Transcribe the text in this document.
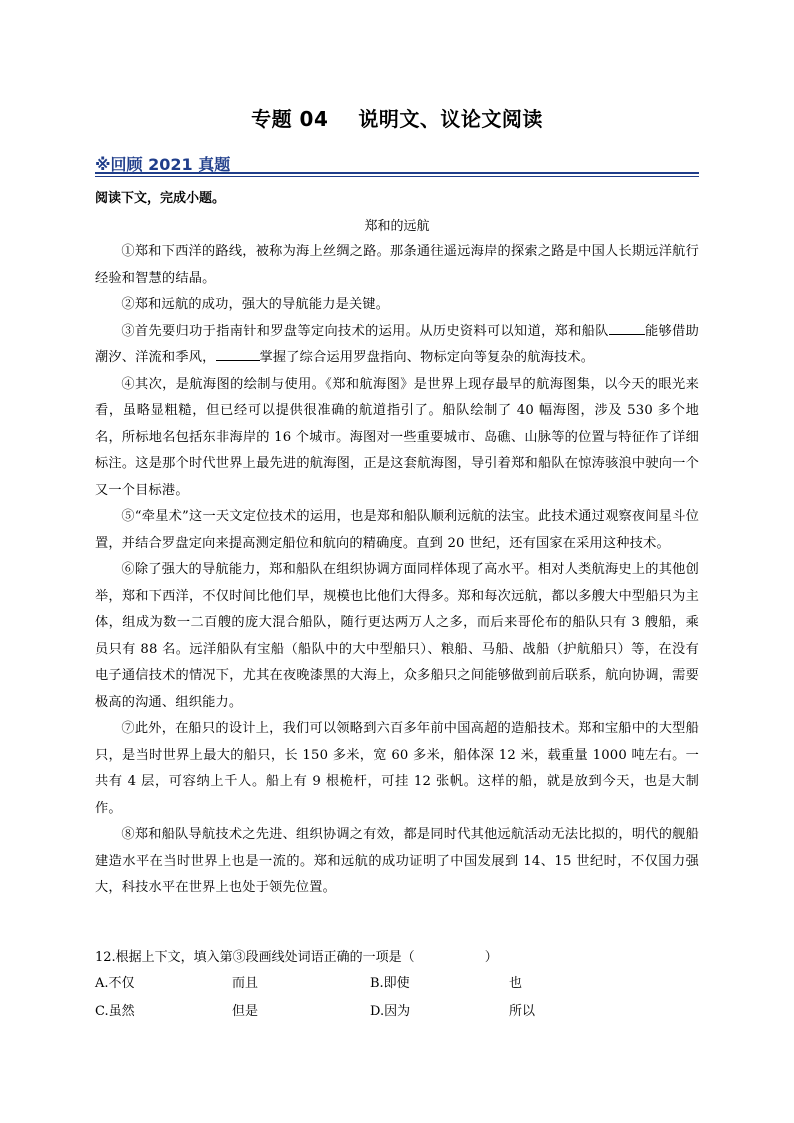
专题 04 说明文、议论文阅读
※回顾 2021 真题
阅读下文，完成小题。
郑和的远航

①郑和下西洋的路线，被称为海上丝绸之路。那条通往遥远海岸的探索之路是中国人长期远洋航行经验和智慧的结晶。

②郑和远航的成功，强大的导航能力是关键。

③首先要归功于指南针和罗盘等定向技术的运用。从历史资料可以知道，郑和船队	能够借助潮汐、洋流和季风，	掌握了综合运用罗盘指向、物标定向等复杂的航海技术。

④其次，是航海图的绘制与使用。《郑和航海图》是世界上现存最早的航海图集，以今天的眼光来看，虽略显粗糙，但已经可以提供很准确的航道指引了。船队绘制了 40 幅海图，涉及 530 多个地名，所标地名包括东非海岸的 16 个城市。海图对一些重要城市、岛礁、山脉等的位置与特征作了详细标注。这是那个时代世界上最先进的航海图，正是这套航海图，导引着郑和船队在惊涛骇浪中驶向一个又一个目标港。

⑤“牵星术”这一天文定位技术的运用，也是郑和船队顺利远航的法宝。此技术通过观察夜间星斗位置，并结合罗盘定向来提高测定船位和航向的精确度。直到 20 世纪，还有国家在采用这种技术。

⑥除了强大的导航能力，郑和船队在组织协调方面同样体现了高水平。相对人类航海史上的其他创举，郑和下西洋，不仅时间比他们早，规模也比他们大得多。郑和每次远航，都以多艘大中型船只为主体，组成为数一二百艘的庞大混合船队，随行更达两万人之多，而后来哥伦布的船队只有 3 艘船，乘员只有 88 名。远洋船队有宝船（船队中的大中型船只）、粮船、马船、战船（护航船只）等，在没有电子通信技术的情况下，尤其在夜晚漆黑的大海上，众多船只之间能够做到前后联系，航向协调，需要极高的沟通、组织能力。

⑦此外，在船只的设计上，我们可以领略到六百多年前中国高超的造船技术。郑和宝船中的大型船只，是当时世界上最大的船只，长 150 多米，宽 60 多米，船体深 12 米，载重量 1000 吨左右。一共有 4 层，可容纳上千人。船上有 9 根桅杆，可挂 12 张帆。这样的船，就是放到今天，也是大制作。

⑧郑和船队导航技术之先进、组织协调之有效，都是同时代其他远航活动无法比拟的，明代的舰船建造水平在当时世界上也是一流的。郑和远航的成功证明了中国发展到 14、15 世纪时，不仅国力强大，科技水平在世界上也处于领先位置。

12.根据上下文，填入第③段画线处词语正确的一项是（	）

A.不仅	而且	B.即使	也
C.虽然	但是	D.因为	所以
